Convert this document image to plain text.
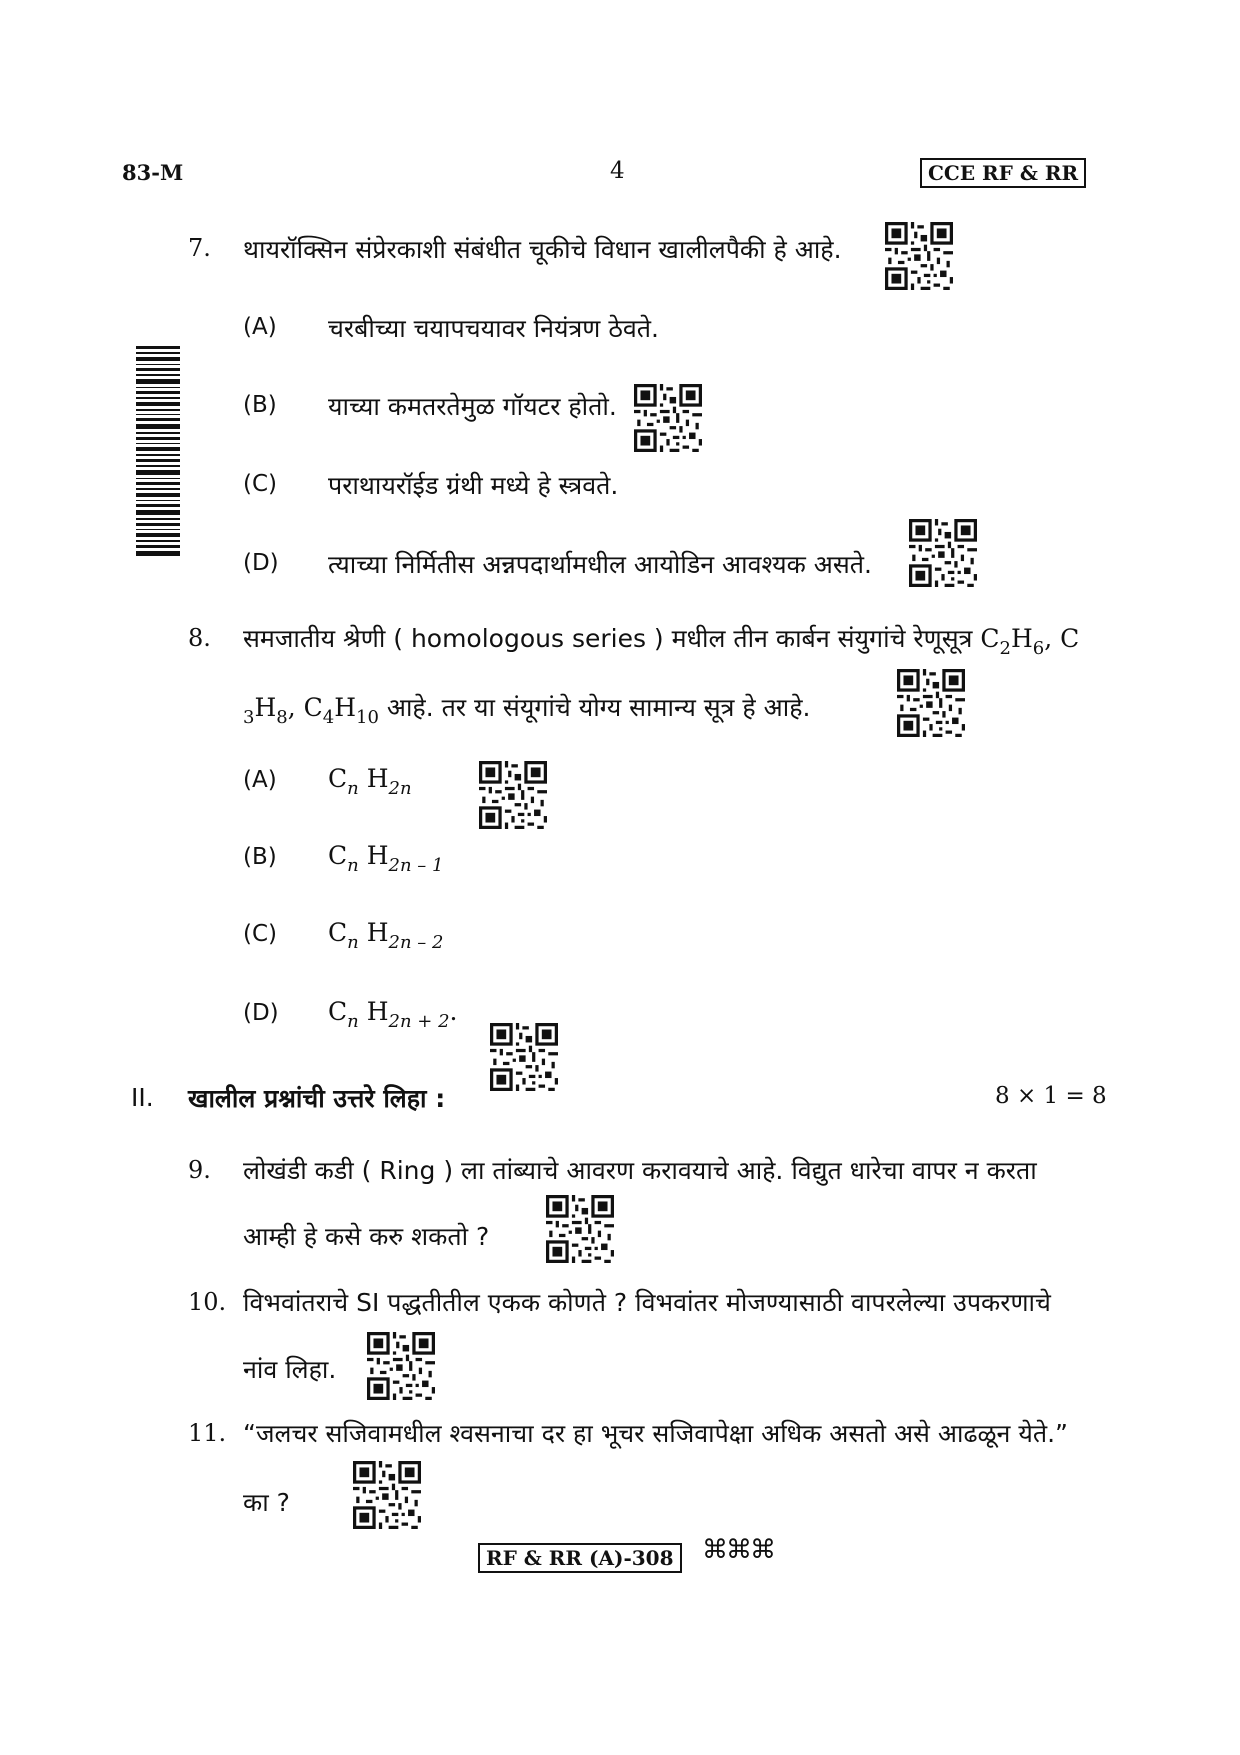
83-M	4	CCE RF & RR
7. थायरॉक्सिन संप्रेरकाशी संबंधीत चूकीचे विधान खालीलपैकी हे आहे.
(A) चरबीच्या चयापचयावर नियंत्रण ठेवते.
(B) याच्या कमतरतेमुळ गॉयटर होतो.
(C) पराथायरॉईड ग्रंथी मध्ये हे स्त्रवते.
(D) त्याच्या निर्मितीस अन्नपदार्थामधील आयोडिन आवश्यक असते.
8. समजातीय श्रेणी ( homologous series ) मधील तीन कार्बन संयुगांचे रेणूसूत्र $C_2H_6$, C
$_3H_8$, $C_4H_{10}$ आहे. तर या संयूगांचे योग्य सामान्य सूत्र हे आहे.
(A) $C_n$ $H_{2n}$
(B) $C_n$ $H_{2n - 1}$
(C) $C_n$ $H_{2n - 2}$
(D) $C_n$ $H_{2n + 2}$.
II. खालील प्रश्नांची उत्तरे लिहा :	8 × 1 = 8
9. लोखंडी कडी ( Ring ) ला तांब्याचे आवरण करावयाचे आहे. विद्युत धारेचा वापर न करता
आम्ही हे कसे करु शकतो ?
10. विभवांतराचे SI पद्धतीतील एकक कोणते ? विभवांतर मोजण्यासाठी वापरलेल्या उपकरणाचे
नांव लिहा.
11. “जलचर सजिवामधील श्वसनाचा दर हा भूचर सजिवापेक्षा अधिक असतो असे आढळून येते.”
का ?
RF & RR (A)-308	⌘⌘⌘
